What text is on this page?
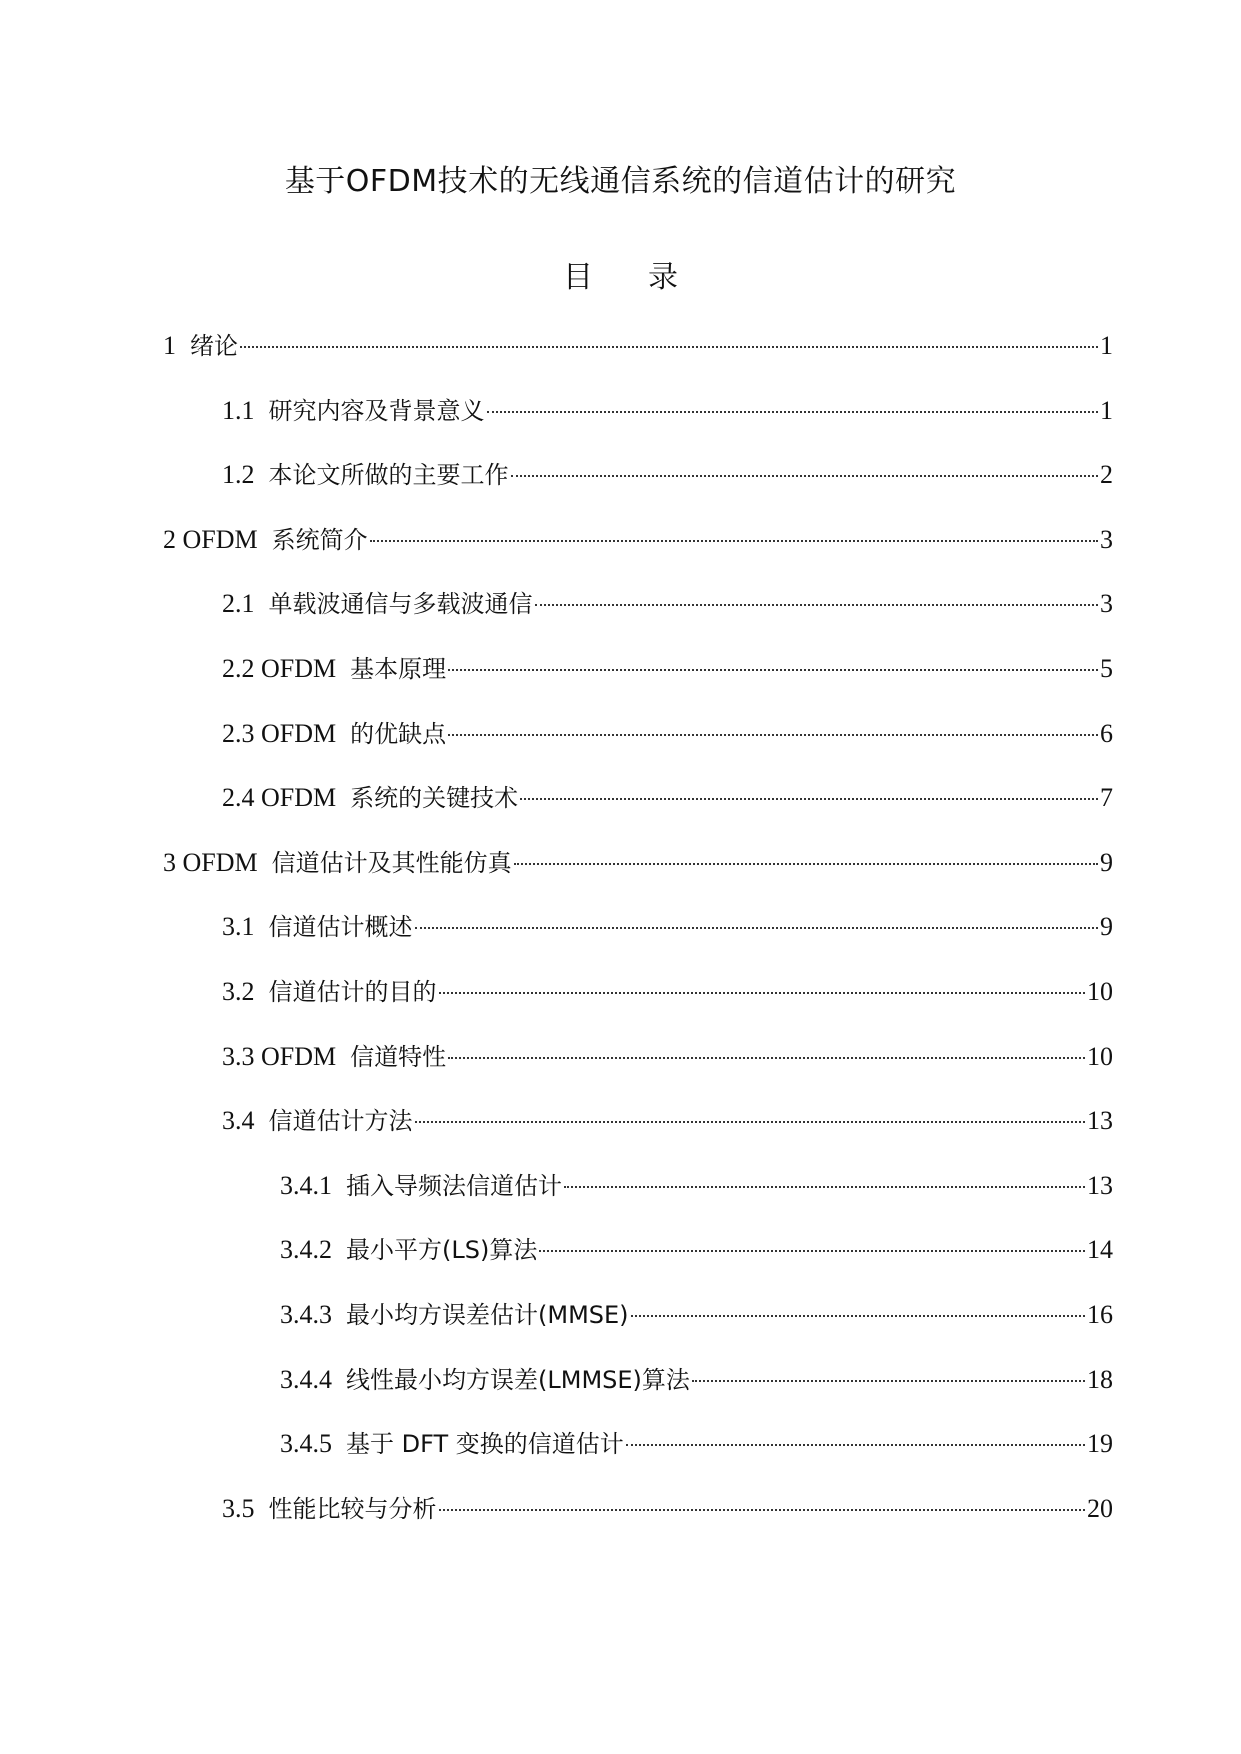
基于OFDM技术的无线通信系统的信道估计的研究
目  录
1 绪论	1
1.1 研究内容及背景意义	1
1.2 本论文所做的主要工作	2
2 OFDM 系统简介	3
2.1 单载波通信与多载波通信	3
2.2 OFDM 基本原理	5
2.3 OFDM 的优缺点	6
2.4 OFDM 系统的关键技术	7
3 OFDM 信道估计及其性能仿真	9
3.1 信道估计概述	9
3.2 信道估计的目的	10
3.3 OFDM 信道特性	10
3.4 信道估计方法	13
3.4.1 插入导频法信道估计	13
3.4.2 最小平方(LS)算法	14
3.4.3 最小均方误差估计(MMSE)	16
3.4.4 线性最小均方误差(LMMSE)算法	18
3.4.5 基于 DFT 变换的信道估计	19
3.5 性能比较与分析	20
